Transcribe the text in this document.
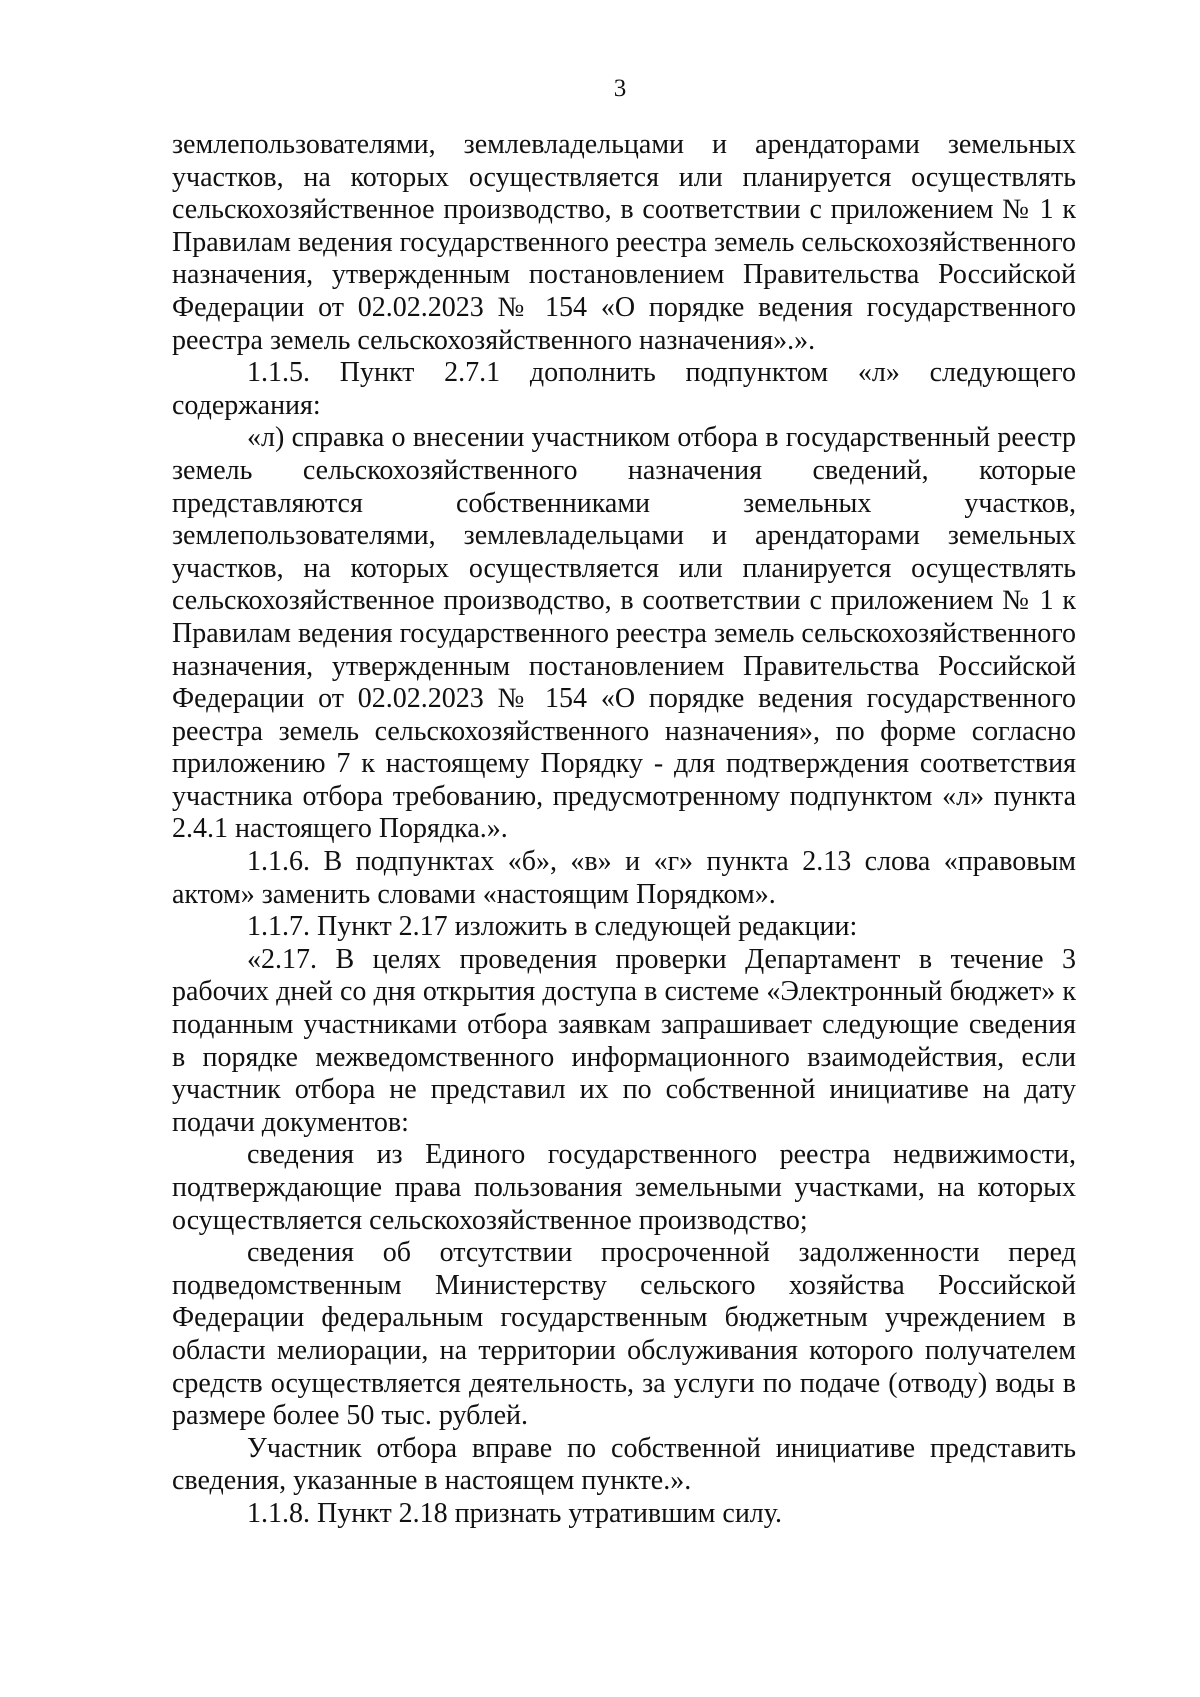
3

землепользователями, землевладельцами и арендаторами земельных участков, на которых осуществляется или планируется осуществлять сельскохозяйственное производство, в соответствии с приложением № 1 к Правилам ведения государственного реестра земель сельскохозяйственного назначения, утвержденным постановлением Правительства Российской Федерации от 02.02.2023 № 154 «О порядке ведения государственного реестра земель сельскохозяйственного назначения».».

1.1.5. Пункт 2.7.1 дополнить подпунктом «л» следующего содержания:

«л) справка о внесении участником отбора в государственный реестр земель сельскохозяйственного назначения сведений, которые представляются собственниками земельных участков, землепользователями, землевладельцами и арендаторами земельных участков, на которых осуществляется или планируется осуществлять сельскохозяйственное производство, в соответствии с приложением № 1 к Правилам ведения государственного реестра земель сельскохозяйственного назначения, утвержденным постановлением Правительства Российской Федерации от 02.02.2023 № 154 «О порядке ведения государственного реестра земель сельскохозяйственного назначения», по форме согласно приложению 7 к настоящему Порядку - для подтверждения соответствия участника отбора требованию, предусмотренному подпунктом «л» пункта 2.4.1 настоящего Порядка.».

1.1.6. В подпунктах «б», «в» и «г» пункта 2.13 слова «правовым актом» заменить словами «настоящим Порядком».

1.1.7. Пункт 2.17 изложить в следующей редакции:

«2.17. В целях проведения проверки Департамент в течение 3 рабочих дней со дня открытия доступа в системе «Электронный бюджет» к поданным участниками отбора заявкам запрашивает следующие сведения в порядке межведомственного информационного взаимодействия, если участник отбора не представил их по собственной инициативе на дату подачи документов:

сведения из Единого государственного реестра недвижимости, подтверждающие права пользования земельными участками, на которых осуществляется сельскохозяйственное производство;

сведения об отсутствии просроченной задолженности перед подведомственным Министерству сельского хозяйства Российской Федерации федеральным государственным бюджетным учреждением в области мелиорации, на территории обслуживания которого получателем средств осуществляется деятельность, за услуги по подаче (отводу) воды в размере более 50 тыс. рублей.

Участник отбора вправе по собственной инициативе представить сведения, указанные в настоящем пункте.».

1.1.8. Пункт 2.18 признать утратившим силу.
